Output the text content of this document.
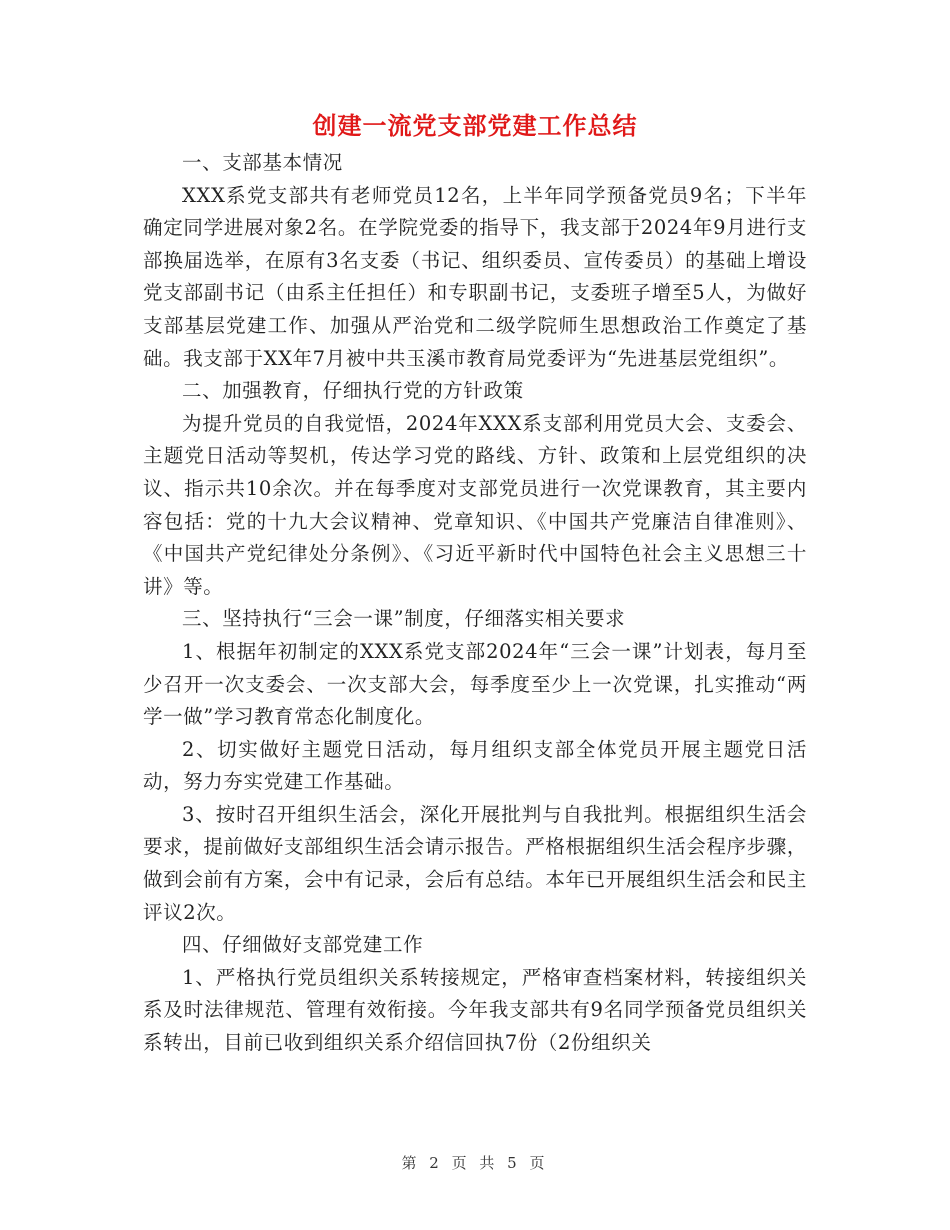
创建一流党支部党建工作总结

一、支部基本情况

XXX系党支部共有老师党员12名，上半年同学预备党员9名；下半年确定同学进展对象2名。在学院党委的指导下，我支部于2024年9月进行支部换届选举，在原有3名支委（书记、组织委员、宣传委员）的基础上增设党支部副书记（由系主任担任）和专职副书记，支委班子增至5人，为做好支部基层党建工作、加强从严治党和二级学院师生思想政治工作奠定了基础。我支部于XX年7月被中共玉溪市教育局党委评为“先进基层党组织”。

二、加强教育，仔细执行党的方针政策

为提升党员的自我觉悟，2024年XXX系支部利用党员大会、支委会、主题党日活动等契机，传达学习党的路线、方针、政策和上层党组织的决议、指示共10余次。并在每季度对支部党员进行一次党课教育，其主要内容包括：党的十九大会议精神、党章知识、《中国共产党廉洁自律准则》、《中国共产党纪律处分条例》、《习近平新时代中国特色社会主义思想三十讲》等。

三、坚持执行“三会一课”制度，仔细落实相关要求

1、根据年初制定的XXX系党支部2024年“三会一课”计划表，每月至少召开一次支委会、一次支部大会，每季度至少上一次党课，扎实推动“两学一做”学习教育常态化制度化。

2、切实做好主题党日活动，每月组织支部全体党员开展主题党日活动，努力夯实党建工作基础。

3、按时召开组织生活会，深化开展批判与自我批判。根据组织生活会要求，提前做好支部组织生活会请示报告。严格根据组织生活会程序步骤，做到会前有方案，会中有记录，会后有总结。本年已开展组织生活会和民主评议2次。

四、仔细做好支部党建工作

1、严格执行党员组织关系转接规定，严格审查档案材料，转接组织关系及时法律规范、管理有效衔接。今年我支部共有9名同学预备党员组织关系转出，目前已收到组织关系介绍信回执7份（2份组织关

第 2 页 共 5 页
